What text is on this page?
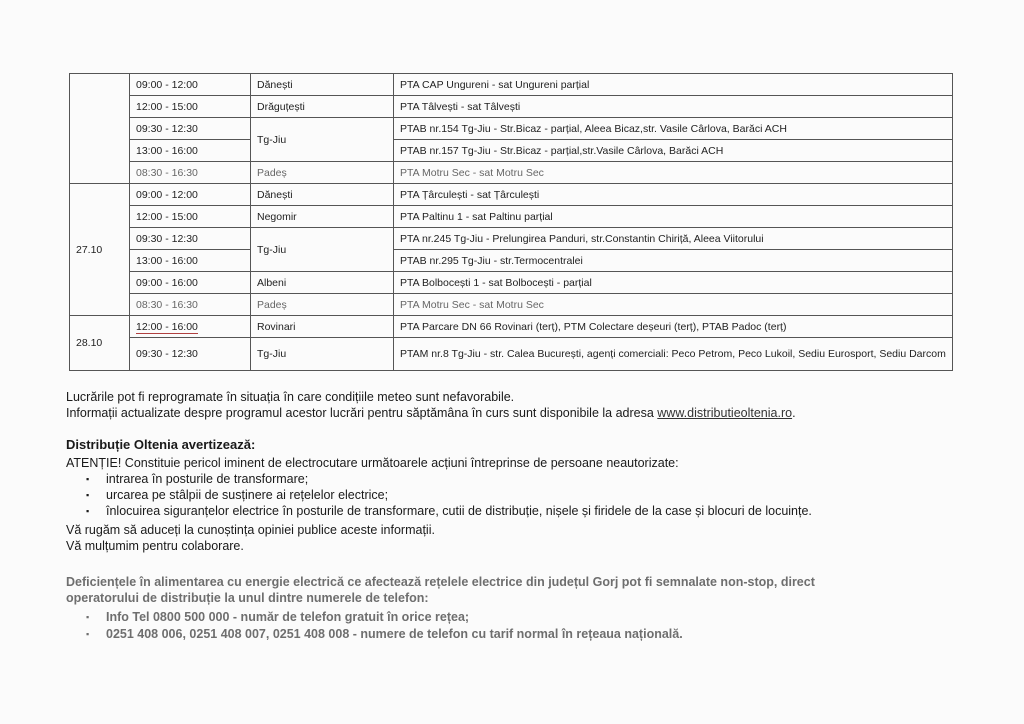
	09:00 - 12:00	Dănești	PTA CAP Ungureni - sat Ungureni parțial
	12:00 - 15:00	Drăguțești	PTA Tâlvești - sat Tâlvești
	09:30 - 12:30	Tg-Jiu	PTAB nr.154 Tg-Jiu - Str.Bicaz - parțial, Aleea Bicaz,str. Vasile Cârlova, Barăci ACH
	13:00 - 16:00		PTAB nr.157 Tg-Jiu - Str.Bicaz - parțial,str.Vasile Cârlova, Barăci ACH
	08:30 - 16:30	Padeș	PTA Motru Sec - sat Motru Sec
27.10	09:00 - 12:00	Dănești	PTA Țârculești - sat Țârculești
	12:00 - 15:00	Negomir	PTA Paltinu 1 - sat Paltinu parțial
	09:30 - 12:30	Tg-Jiu	PTA nr.245 Tg-Jiu - Prelungirea Panduri, str.Constantin Chiriță, Aleea Viitorului
	13:00 - 16:00		PTAB nr.295 Tg-Jiu - str.Termocentralei
	09:00 - 16:00	Albeni	PTA Bolbocești 1 - sat Bolbocești - parțial
	08:30 - 16:30	Padeș	PTA Motru Sec - sat Motru Sec
28.10	12:00 - 16:00	Rovinari	PTA Parcare DN 66 Rovinari (terț), PTM Colectare deșeuri (terț), PTAB Padoc (terț)
	09:30 - 12:30	Tg-Jiu	PTAM nr.8 Tg-Jiu - str. Calea București, agenți comerciali: Peco Petrom, Peco Lukoil, Sediu Eurosport, Sediu Darcom
Lucrările pot fi reprogramate în situația în care condițiile meteo sunt nefavorabile.
Informații actualizate despre programul acestor lucrări pentru săptămâna în curs sunt disponibile la adresa www.distributieoltenia.ro.
Distribuție Oltenia avertizează:
ATENȚIE! Constituie pericol iminent de electrocutare următoarele acțiuni întreprinse de persoane neautorizate:
▪ intrarea în posturile de transformare;
▪ urcarea pe stâlpii de susținere ai rețelelor electrice;
▪ înlocuirea siguranțelor electrice în posturile de transformare, cutii de distribuție, nișele și firidele de la case și blocuri de locuințe.
Vă rugăm să aduceți la cunoștința opiniei publice aceste informații.
Vă mulțumim pentru colaborare.
Deficiențele în alimentarea cu energie electrică ce afectează rețelele electrice din județul Gorj pot fi semnalate non-stop, direct
operatorului de distribuție la unul dintre numerele de telefon:
▪ Info Tel 0800 500 000 - număr de telefon gratuit în orice rețea;
▪ 0251 408 006, 0251 408 007, 0251 408 008 - numere de telefon cu tarif normal în rețeaua națională.
